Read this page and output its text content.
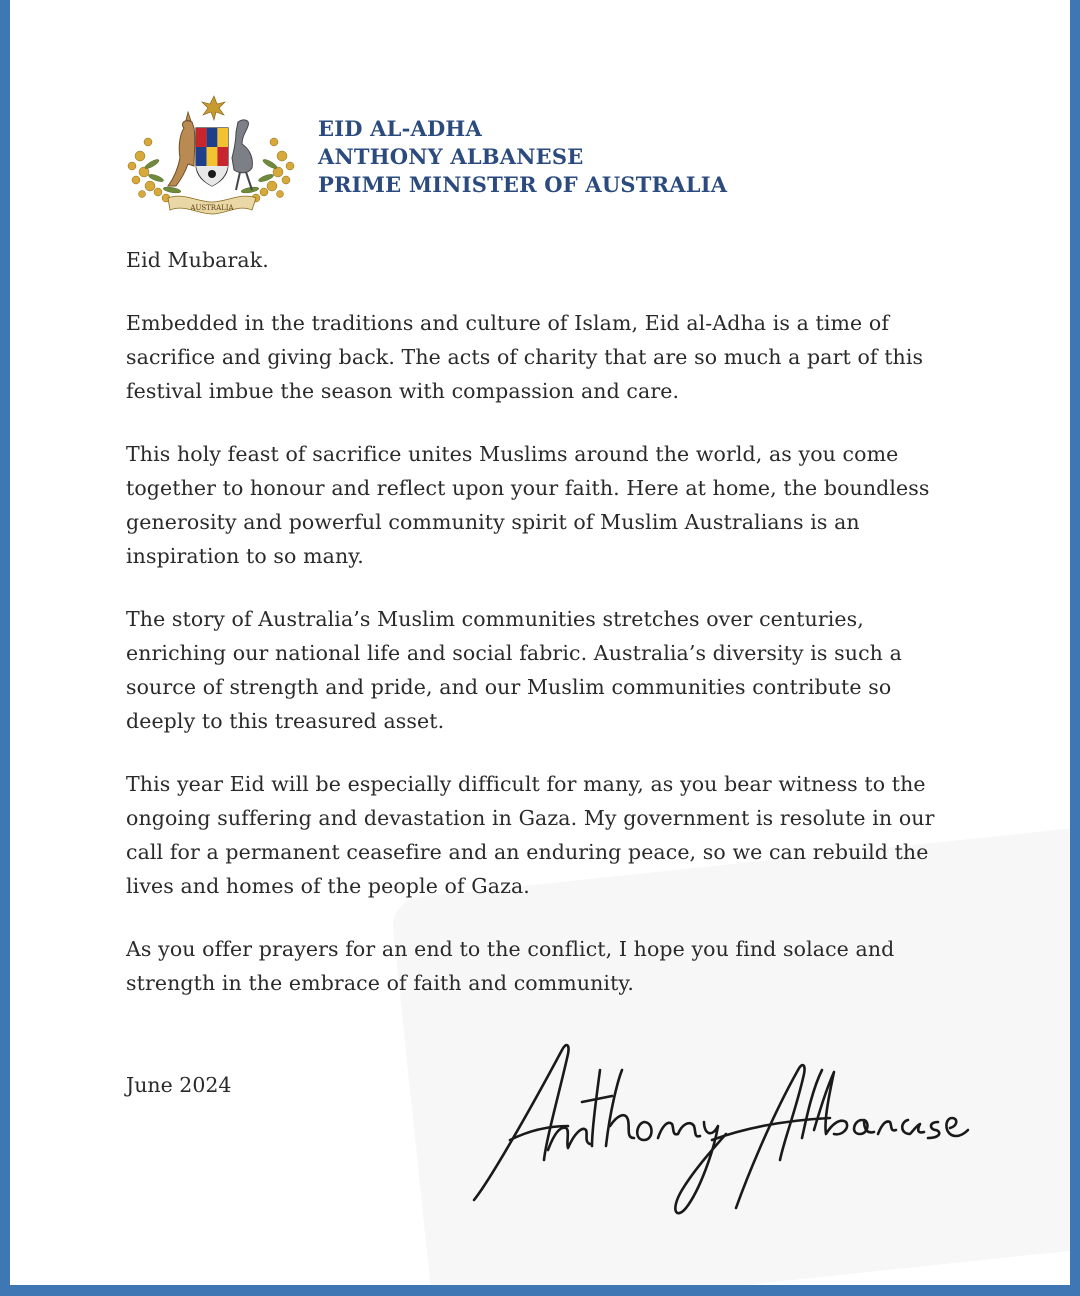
AUSTRALIA
EID AL-ADHA
ANTHONY ALBANESE
PRIME MINISTER OF AUSTRALIA

Eid Mubarak.

Embedded in the traditions and culture of Islam, Eid al-Adha is a time of sacrifice and giving back. The acts of charity that are so much a part of this festival imbue the season with compassion and care.

This holy feast of sacrifice unites Muslims around the world, as you come together to honour and reflect upon your faith. Here at home, the boundless generosity and powerful community spirit of Muslim Australians is an inspiration to so many.

The story of Australia’s Muslim communities stretches over centuries, enriching our national life and social fabric. Australia’s diversity is such a source of strength and pride, and our Muslim communities contribute so deeply to this treasured asset.

This year Eid will be especially difficult for many, as you bear witness to the ongoing suffering and devastation in Gaza. My government is resolute in our call for a permanent ceasefire and an enduring peace, so we can rebuild the lives and homes of the people of Gaza.

As you offer prayers for an end to the conflict, I hope you find solace and strength in the embrace of faith and community.

June 2024
